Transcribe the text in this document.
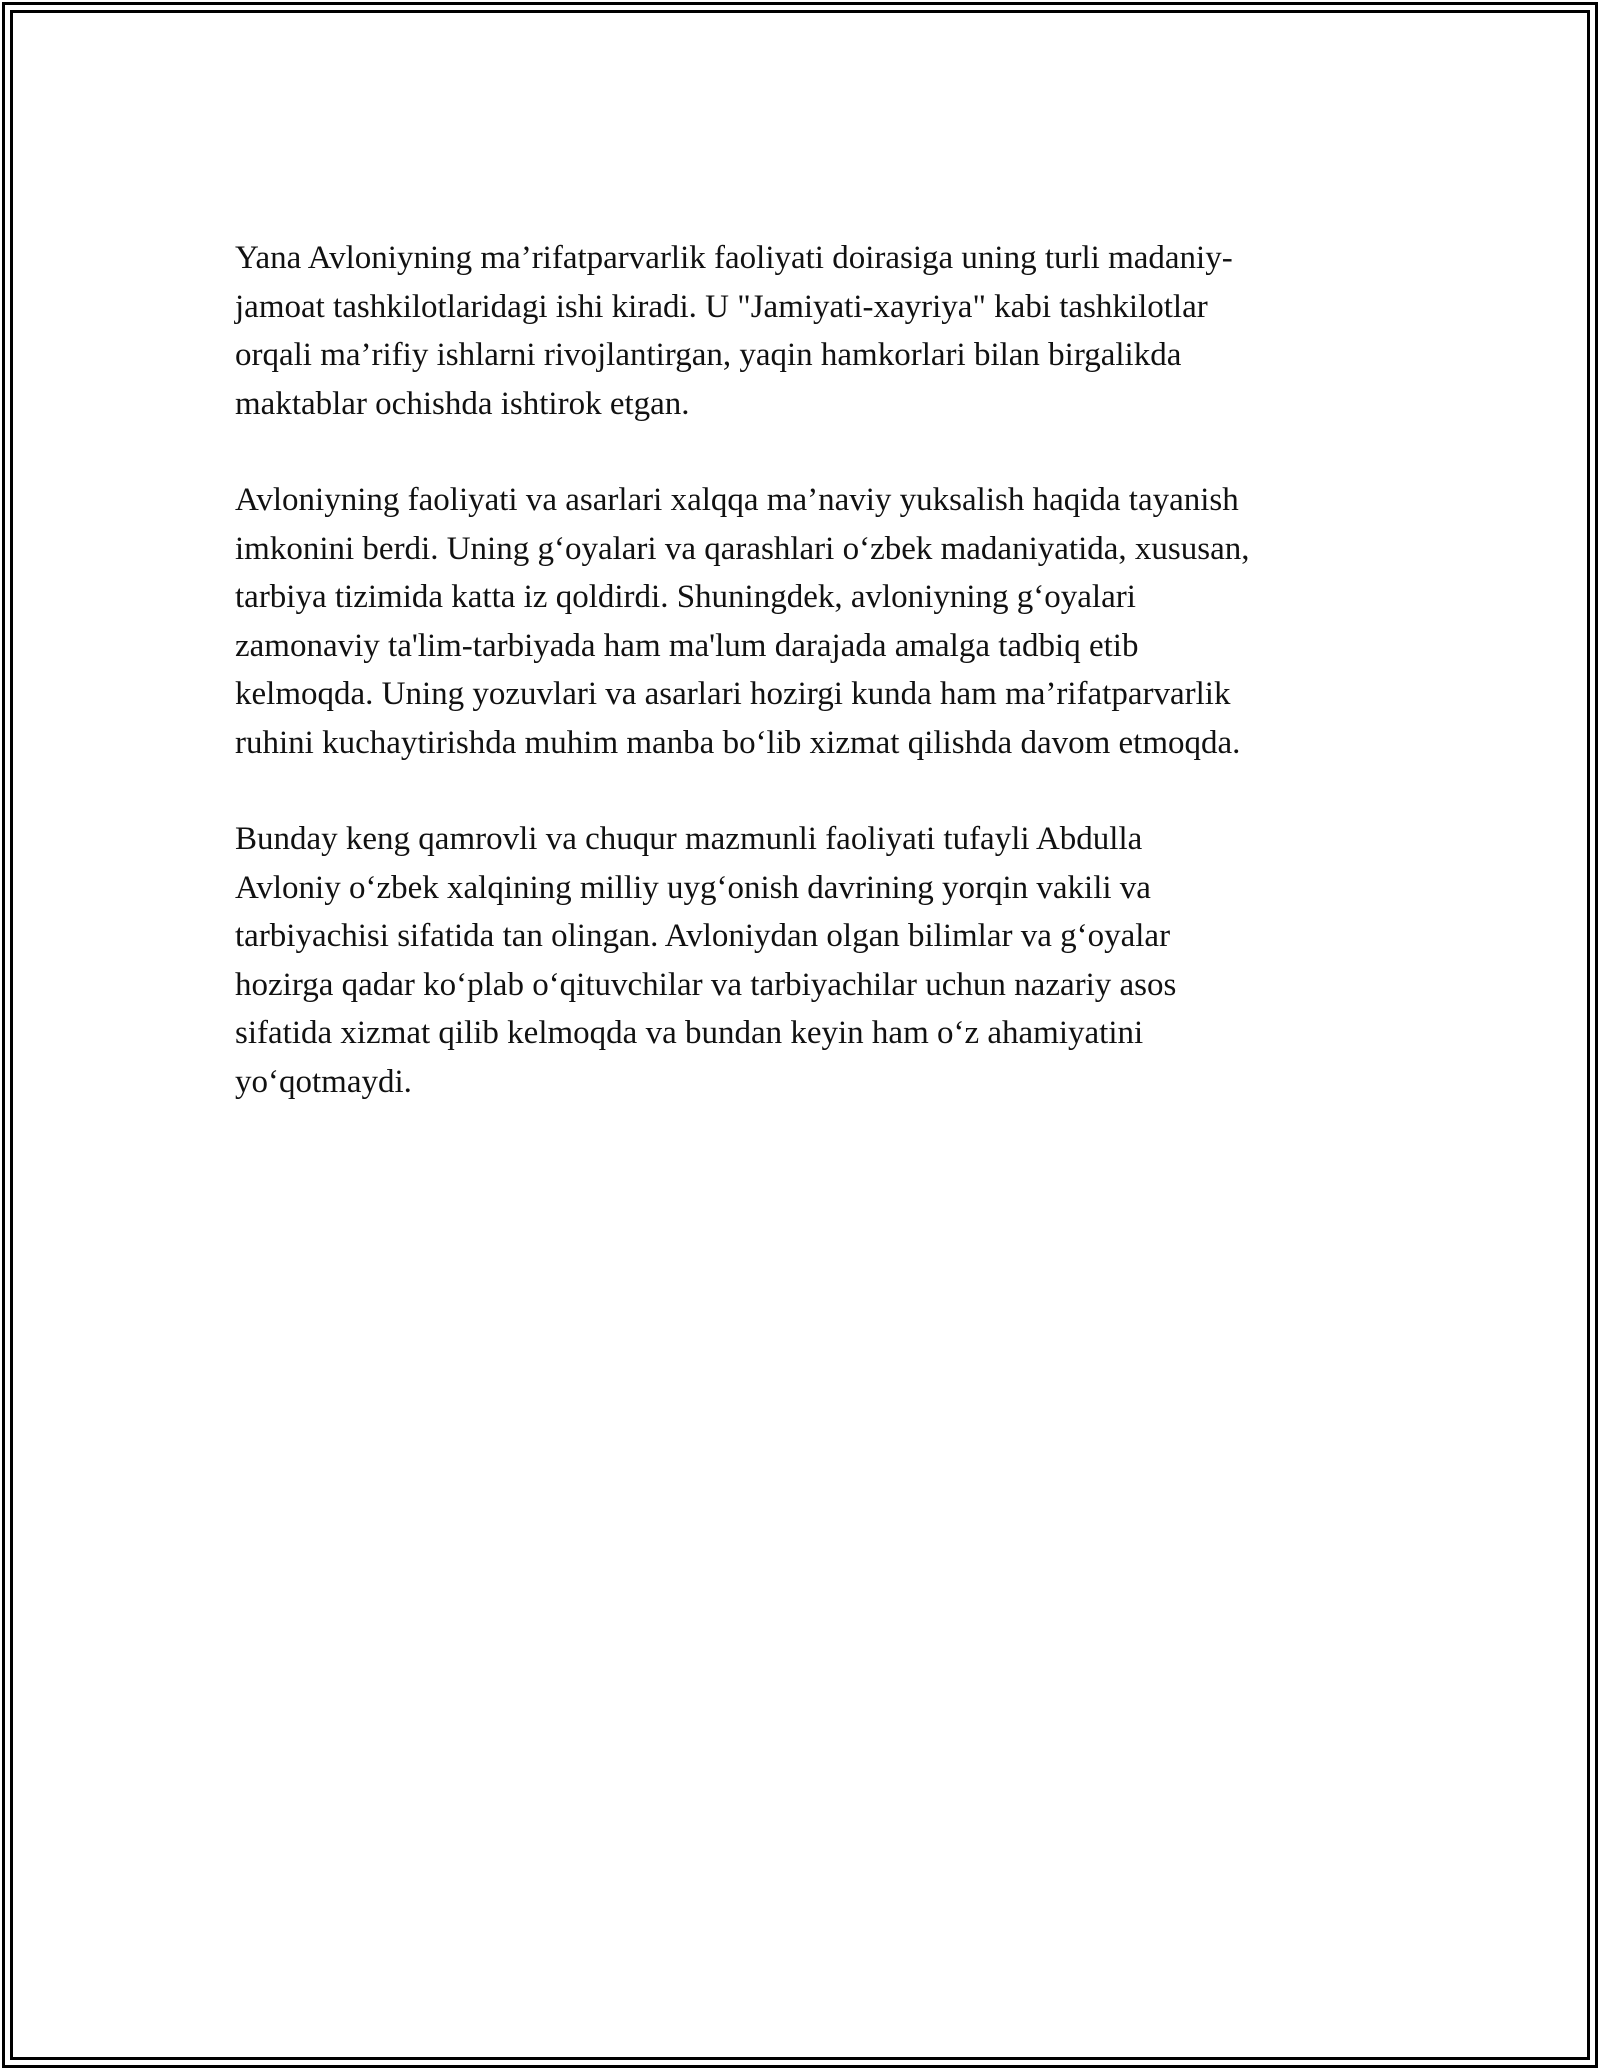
Yana Avloniyning ma’rifatparvarlik faoliyati doirasiga uning turli madaniy-
jamoat tashkilotlaridagi ishi kiradi. U "Jamiyati-xayriya" kabi tashkilotlar
orqali ma’rifiy ishlarni rivojlantirgan, yaqin hamkorlari bilan birgalikda
maktablar ochishda ishtirok etgan.

Avloniyning faoliyati va asarlari xalqqa ma’naviy yuksalish haqida tayanish
imkonini berdi. Uning g‘oyalari va qarashlari o‘zbek madaniyatida, xususan,
tarbiya tizimida katta iz qoldirdi. Shuningdek, avloniyning g‘oyalari
zamonaviy ta'lim-tarbiyada ham ma'lum darajada amalga tadbiq etib
kelmoqda. Uning yozuvlari va asarlari hozirgi kunda ham ma’rifatparvarlik
ruhini kuchaytirishda muhim manba bo‘lib xizmat qilishda davom etmoqda.

Bunday keng qamrovli va chuqur mazmunli faoliyati tufayli Abdulla
Avloniy o‘zbek xalqining milliy uyg‘onish davrining yorqin vakili va
tarbiyachisi sifatida tan olingan. Avloniydan olgan bilimlar va g‘oyalar
hozirga qadar ko‘plab o‘qituvchilar va tarbiyachilar uchun nazariy asos
sifatida xizmat qilib kelmoqda va bundan keyin ham o‘z ahamiyatini
yo‘qotmaydi.
